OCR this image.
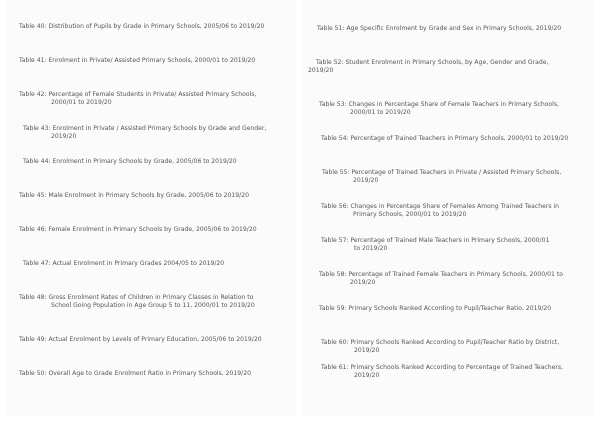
Table 40: Distribution of Pupils by Grade in Primary Schools, 2005/06 to 2019/20
Table 41: Enrolment in Private/ Assisted Primary Schools, 2000/01 to 2019/20
Table 42: Percentage of Female Students in Private/ Assisted Primary Schools,
2000/01 to 2019/20
Table 43: Enrolment in Private / Assisted Primary Schools by Grade and Gender,
2019/20
Table 44: Enrolment in Primary Schools by Grade, 2005/06 to 2019/20
Table 45: Male Enrolment in Primary Schools by Grade, 2005/06 to 2019/20
Table 46: Female Enrolment in Primary Schools by Grade, 2005/06 to 2019/20
Table 47: Actual Enrolment in Primary Grades 2004/05 to 2019/20
Table 48: Gross Enrolment Rates of Children in Primary Classes in Relation to
School Going Population in Age Group 5 to 11, 2000/01 to 2019/20
Table 49: Actual Enrolment by Levels of Primary Education, 2005/06 to 2019/20
Table 50: Overall Age to Grade Enrolment Ratio in Primary Schools, 2019/20
Table 51: Age Specific Enrolment by Grade and Sex in Primary Schools, 2019/20
Table 52: Student Enrolment in Primary Schools, by Age, Gender and Grade,
2019/20
Table 53: Changes in Percentage Share of Female Teachers in Primary Schools,
2000/01 to 2019/20
Table 54: Percentage of Trained Teachers in Primary Schools, 2000/01 to 2019/20
Table 55: Percentage of Trained Teachers in Private / Assisted Primary Schools,
2019/20
Table 56: Changes in Percentage Share of Females Among Trained Teachers in
Primary Schools, 2000/01 to 2019/20
Table 57: Percentage of Trained Male Teachers in Primary Schools, 2000/01
to 2019/20
Table 58: Percentage of Trained Female Teachers in Primary Schools, 2000/01 to
2019/20
Table 59: Primary Schools Ranked According to Pupil/Teacher Ratio, 2019/20
Table 60: Primary Schools Ranked According to Pupil/Teacher Ratio by District,
2019/20
Table 61: Primary Schools Ranked According to Percentage of Trained Teachers,
2019/20
